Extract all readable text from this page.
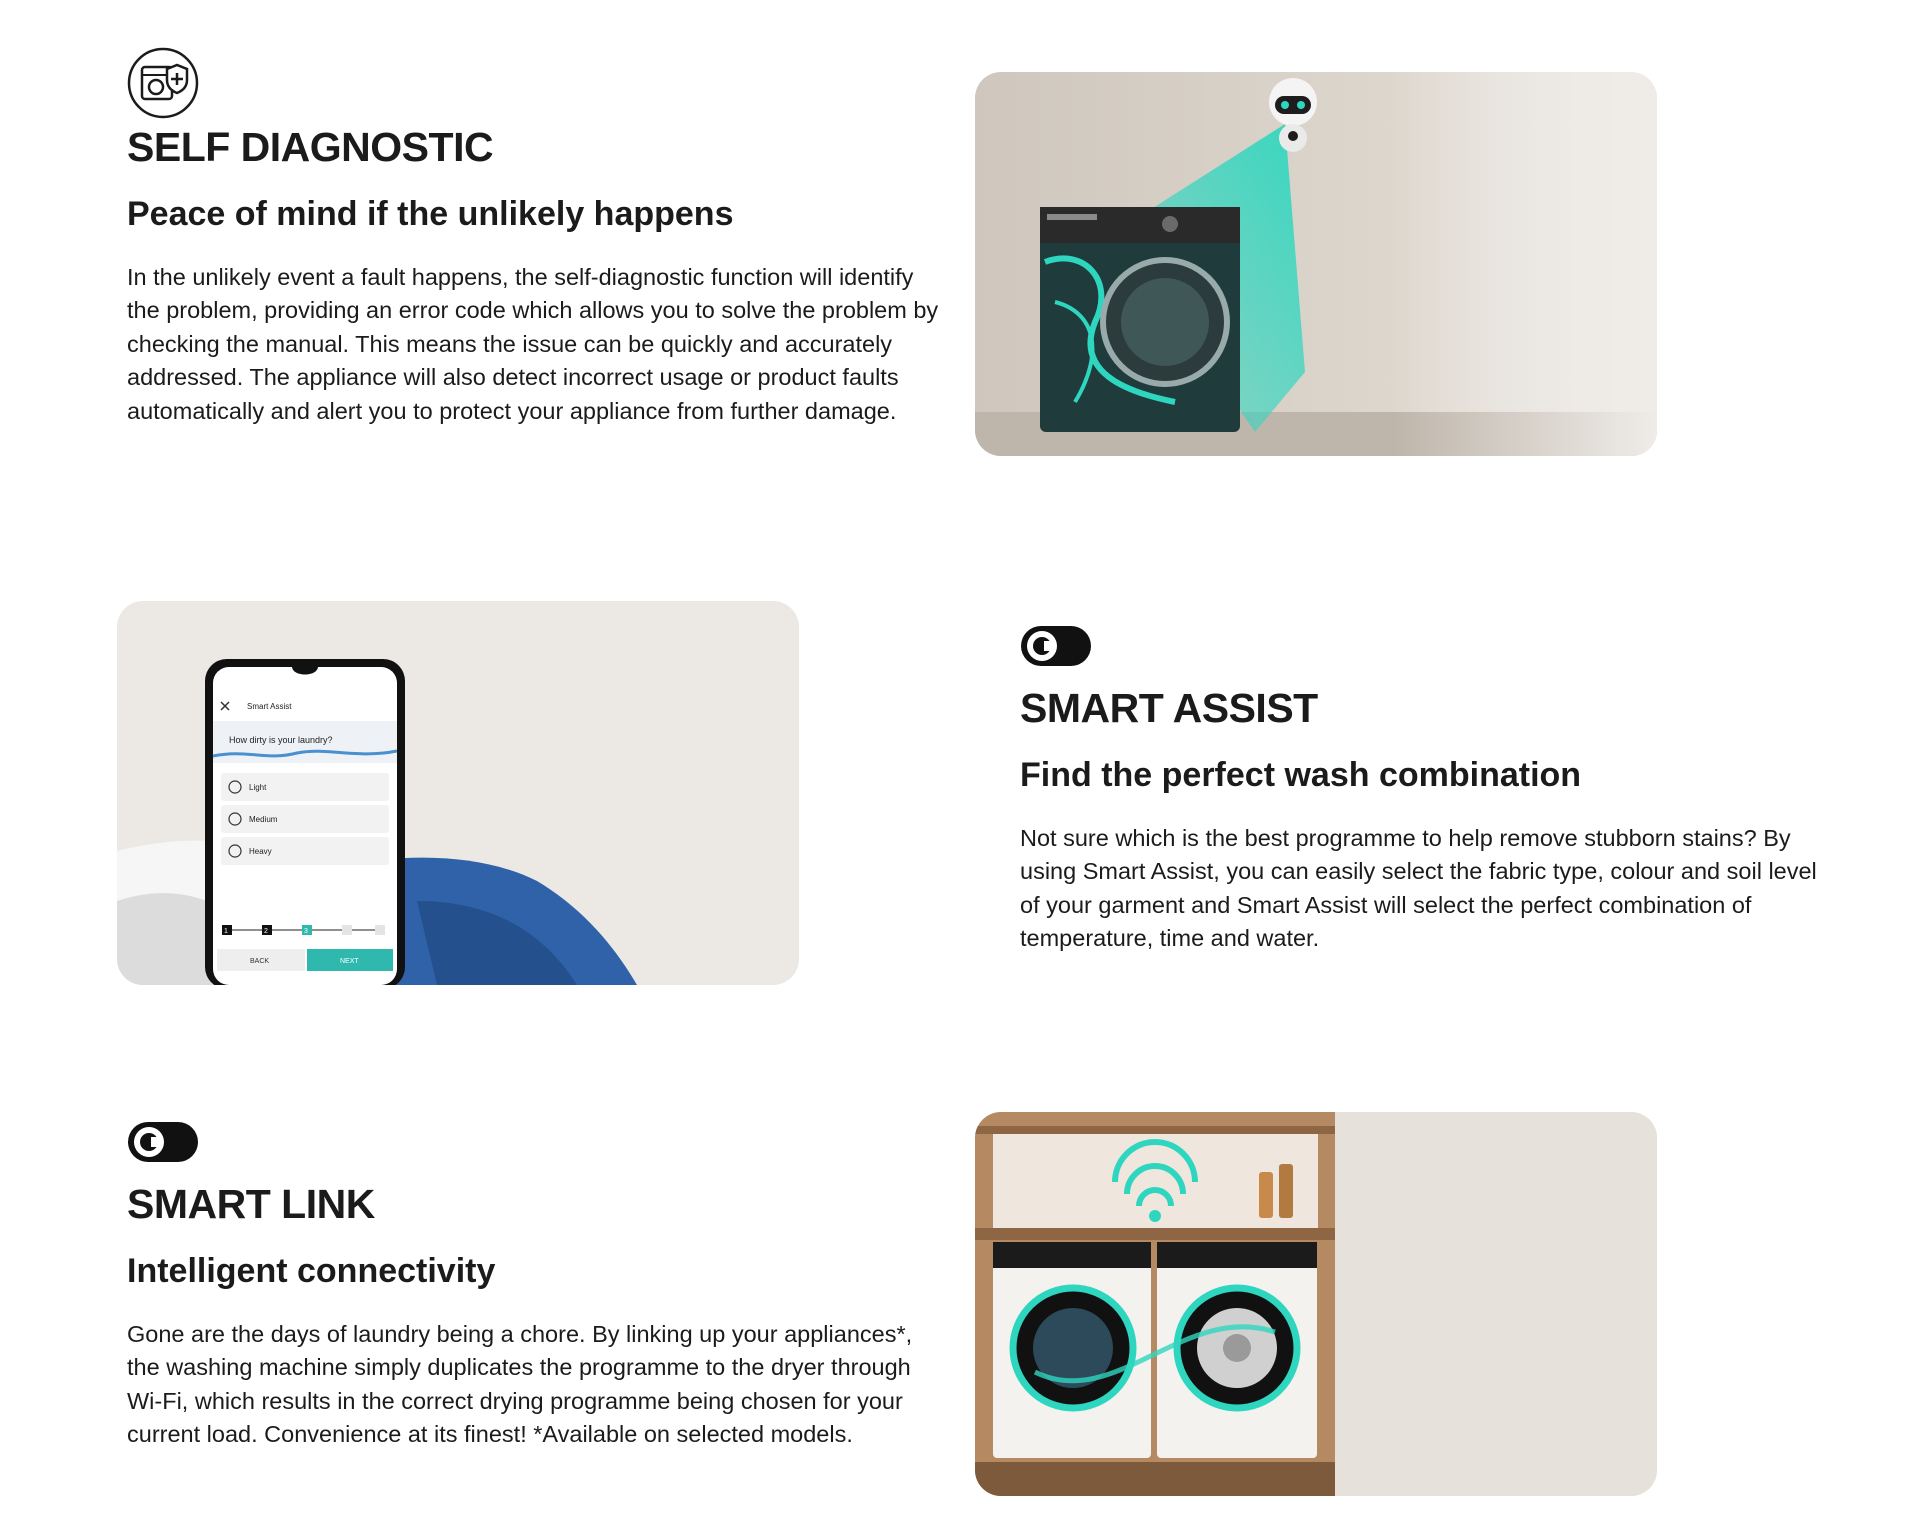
SELF DIAGNOSTIC
Peace of mind if the unlikely happens

In the unlikely event a fault happens, the self-diagnostic function will identify the problem, providing an error code which allows you to solve the problem by checking the manual. This means the issue can be quickly and accurately addressed. The appliance will also detect incorrect usage or product faults automatically and alert you to protect your appliance from further damage.

Smart Assist
How dirty is your laundry?
Light
Medium
Heavy
1	2	3
BACK	NEXT
SMART ASSIST
Find the perfect wash combination

Not sure which is the best programme to help remove stubborn stains? By using Smart Assist, you can easily select the fabric type, colour and soil level of your garment and Smart Assist will select the perfect combination of temperature, time and water.

SMART LINK
Intelligent connectivity

Gone are the days of laundry being a chore. By linking up your appliances*, the washing machine simply duplicates the programme to the dryer through Wi-Fi, which results in the correct drying programme being chosen for your current load. Convenience at its finest! *Available on selected models.
